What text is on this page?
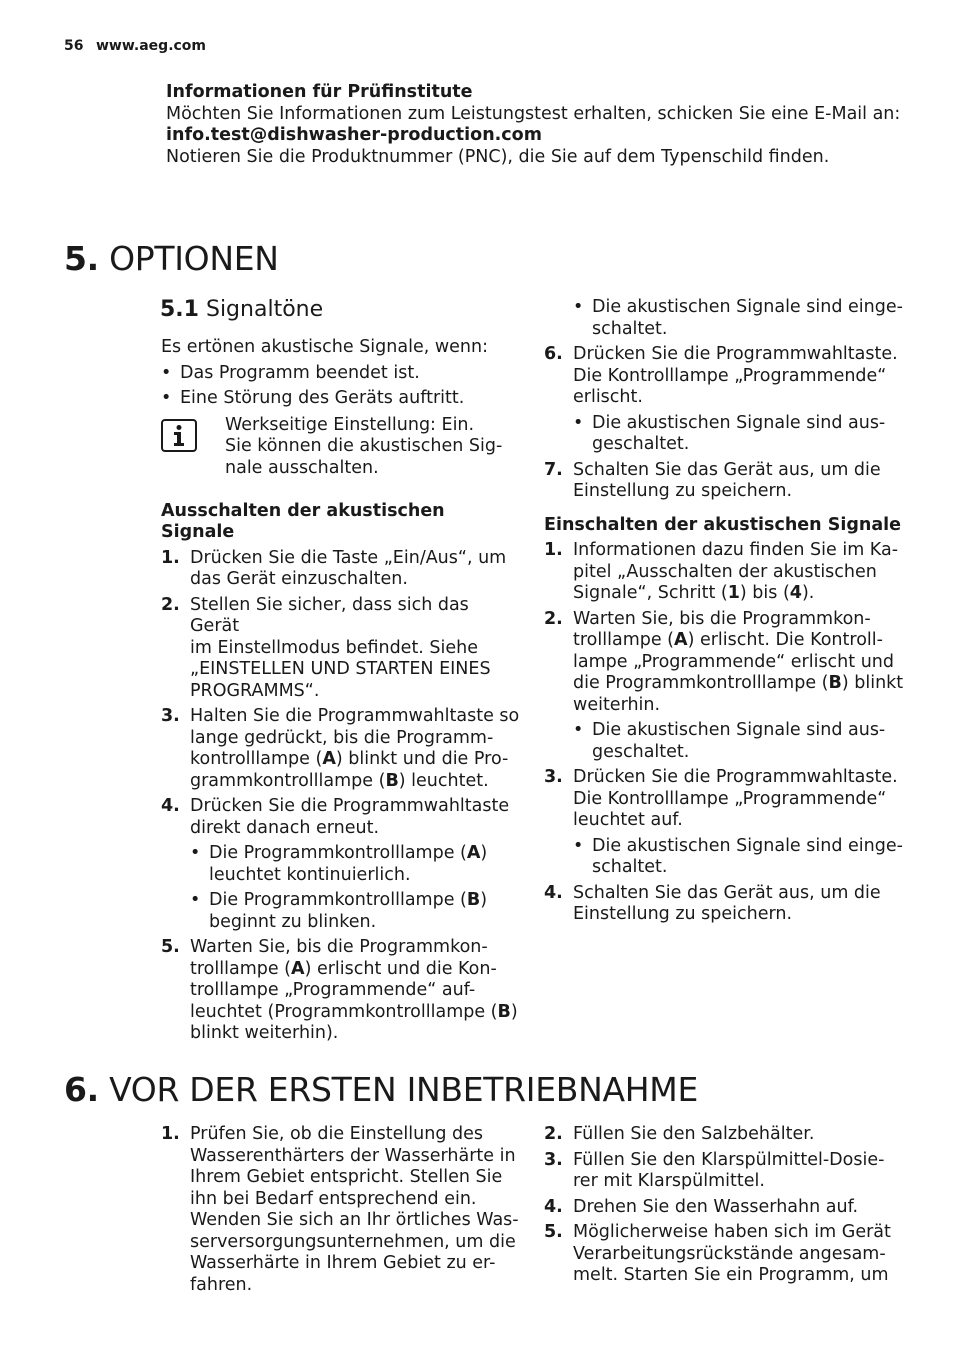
56 www.aeg.com
Informationen für Prüfinstitute
Möchten Sie Informationen zum Leistungstest erhalten, schicken Sie eine E-Mail an:
info.test@dishwasher-production.com
Notieren Sie die Produktnummer (PNC), die Sie auf dem Typenschild finden.
5. OPTIONEN
5.1 Signaltöne
Es ertönen akustische Signale, wenn:
• Das Programm beendet ist.
• Eine Störung des Geräts auftritt.
Werkseitige Einstellung: Ein.
Sie können die akustischen Sig-
nale ausschalten.
Ausschalten der akustischen Signale
1. Drücken Sie die Taste „Ein/Aus“, um
das Gerät einzuschalten.
2. Stellen Sie sicher, dass sich das Gerät
im Einstellmodus befindet. Siehe
„EINSTELLEN UND STARTEN EINES
PROGRAMMS“.
3. Halten Sie die Programmwahltaste so
lange gedrückt, bis die Programm-
kontrolllampe (A) blinkt und die Pro-
grammkontrolllampe (B) leuchtet.
4. Drücken Sie die Programmwahltaste
direkt danach erneut.
• Die Programmkontrolllampe (A)
leuchtet kontinuierlich.
• Die Programmkontrolllampe (B)
beginnt zu blinken.
5. Warten Sie, bis die Programmkon-
trolllampe (A) erlischt und die Kon-
trolllampe „Programmende“ auf-
leuchtet (Programmkontrolllampe (B)
blinkt weiterhin).
• Die akustischen Signale sind einge-
schaltet.
6. Drücken Sie die Programmwahltaste.
Die Kontrolllampe „Programmende“
erlischt.
• Die akustischen Signale sind aus-
geschaltet.
7. Schalten Sie das Gerät aus, um die
Einstellung zu speichern.
Einschalten der akustischen Signale
1. Informationen dazu finden Sie im Ka-
pitel „Ausschalten der akustischen
Signale“, Schritt (1) bis (4).
2. Warten Sie, bis die Programmkon-
trolllampe (A) erlischt. Die Kontroll-
lampe „Programmende“ erlischt und
die Programmkontrolllampe (B) blinkt
weiterhin.
• Die akustischen Signale sind aus-
geschaltet.
3. Drücken Sie die Programmwahltaste.
Die Kontrolllampe „Programmende“
leuchtet auf.
• Die akustischen Signale sind einge-
schaltet.
4. Schalten Sie das Gerät aus, um die
Einstellung zu speichern.
6. VOR DER ERSTEN INBETRIEBNAHME
1. Prüfen Sie, ob die Einstellung des
Wasserenthärters der Wasserhärte in
Ihrem Gebiet entspricht. Stellen Sie
ihn bei Bedarf entsprechend ein.
Wenden Sie sich an Ihr örtliches Was-
serversorgungsunternehmen, um die
Wasserhärte in Ihrem Gebiet zu er-
fahren.
2. Füllen Sie den Salzbehälter.
3. Füllen Sie den Klarspülmittel-Dosie-
rer mit Klarspülmittel.
4. Drehen Sie den Wasserhahn auf.
5. Möglicherweise haben sich im Gerät
Verarbeitungsrückstände angesam-
melt. Starten Sie ein Programm, um
